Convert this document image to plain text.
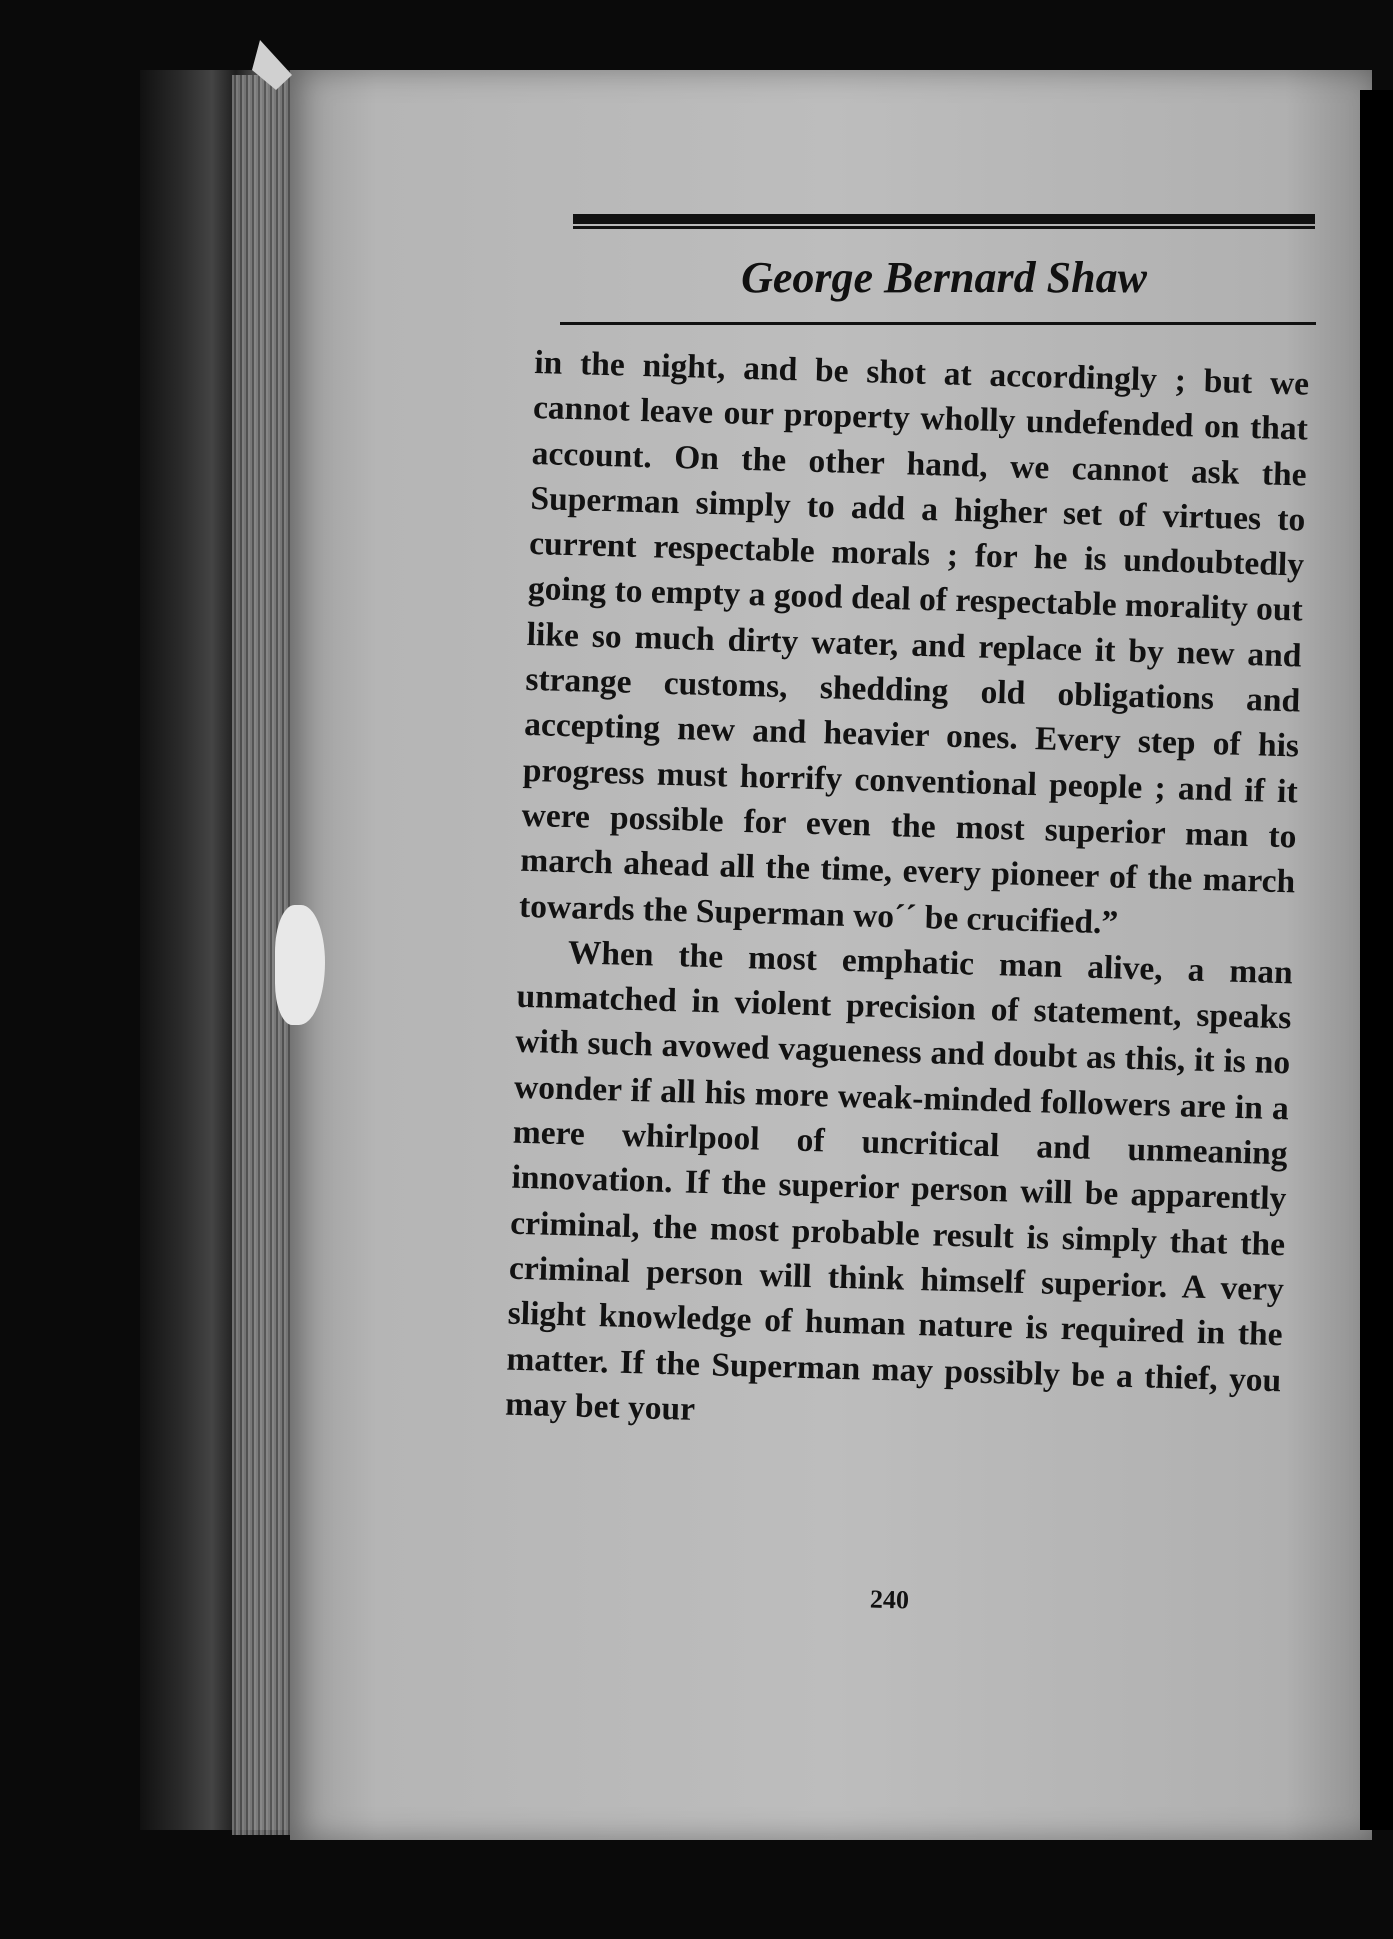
George Bernard Shaw

in the night, and be shot at accordingly ; but we cannot leave our property wholly undefended on that account. On the other hand, we cannot ask the Superman simply to add a higher set of virtues to current respectable morals ; for he is undoubtedly going to empty a good deal of respectable morality out like so much dirty water, and replace it by new and strange customs, shedding old obligations and accepting new and heavier ones. Every step of his progress must horrify conventional people ; and if it were possible for even the most superior man to march ahead all the time, every pioneer of the march towards the Superman wo´´ be crucified.”

When the most emphatic man alive, a man unmatched in violent precision of statement, speaks with such avowed vagueness and doubt as this, it is no wonder if all his more weak-minded followers are in a mere whirlpool of uncritical and unmeaning innovation. If the superior person will be apparently criminal, the most probable result is simply that the criminal person will think himself superior. A very slight knowledge of human nature is required in the matter. If the Superman may possibly be a thief, you may bet your

240
